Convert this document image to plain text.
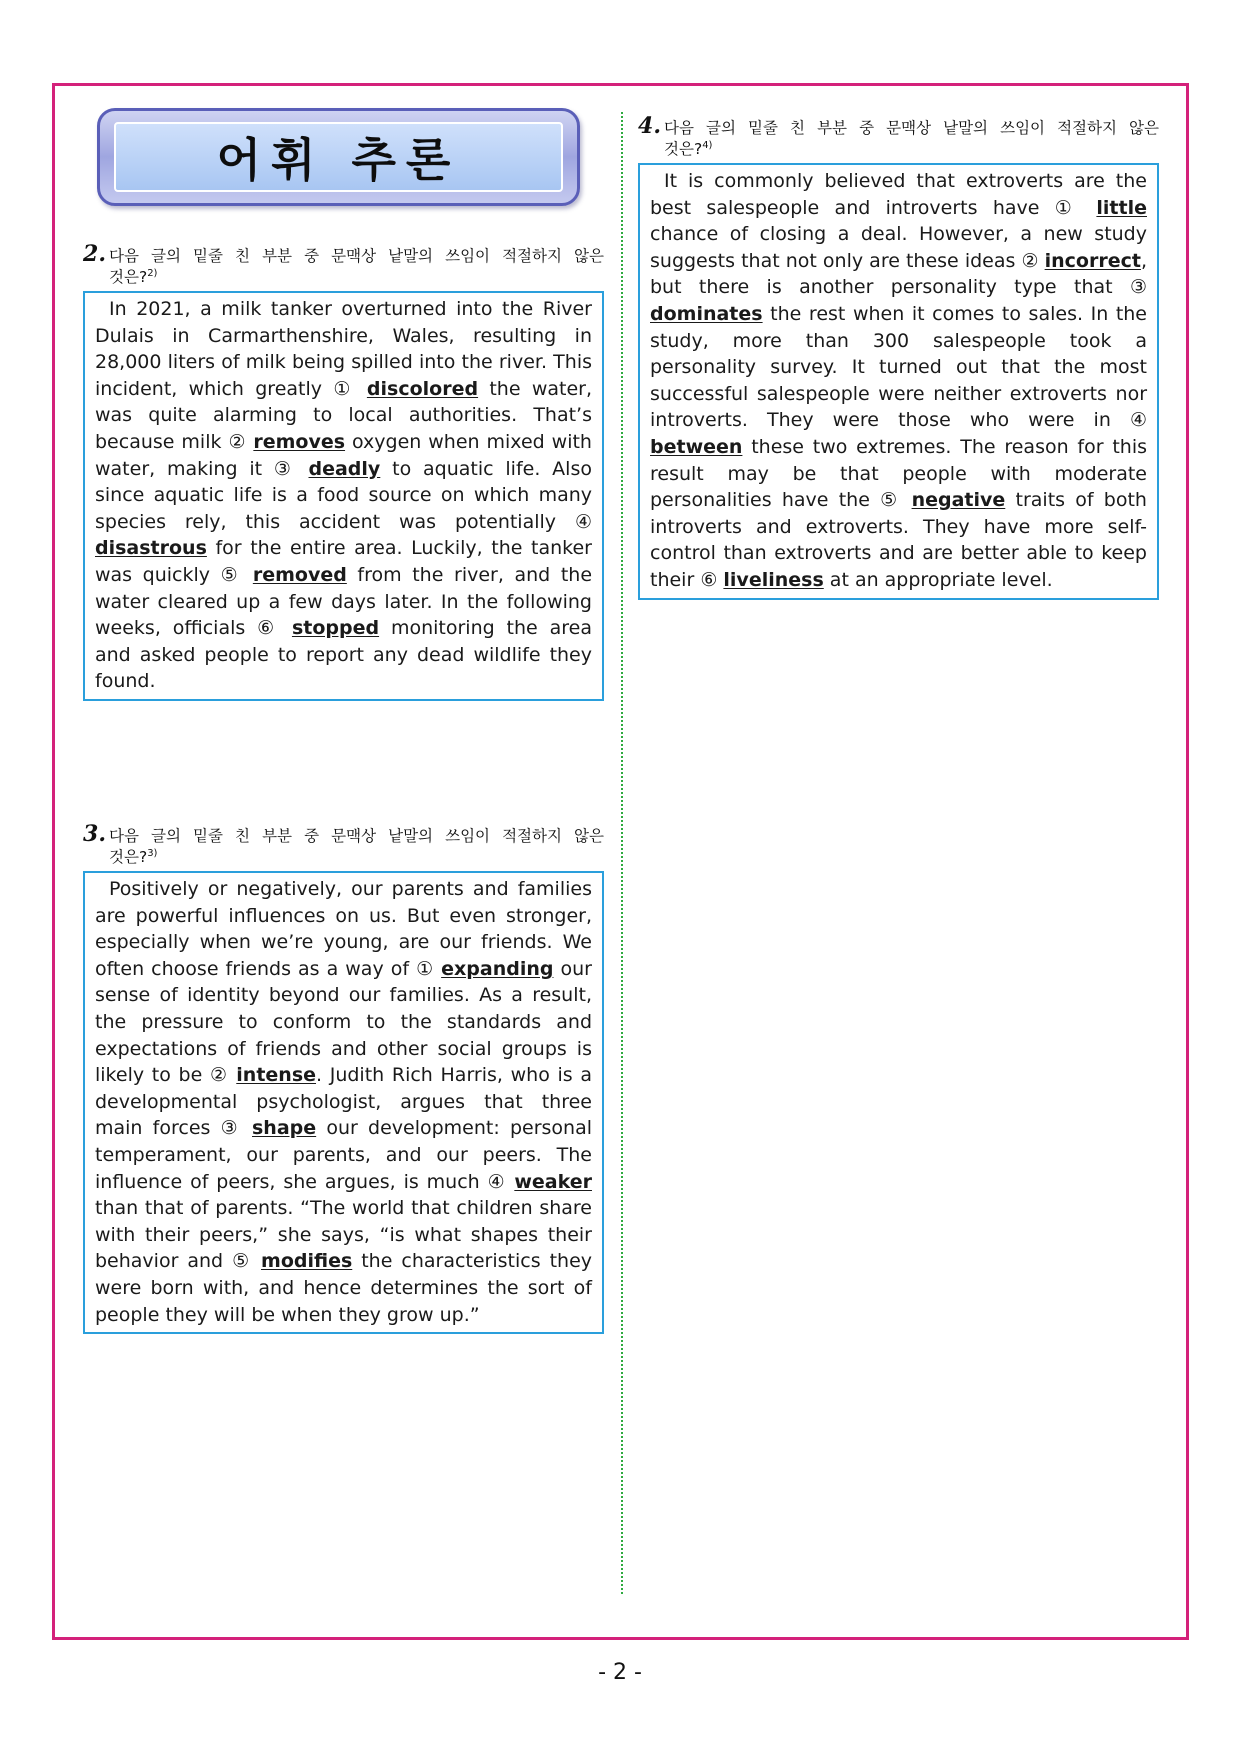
어휘 추론
2. 다음 글의 밑줄 친 부분 중 문맥상 낱말의 쓰임이 적절하지 않은 것은?$^{2)}$

In 2021, a milk tanker overturned into the River Dulais in Carmarthenshire, Wales, resulting in 28,000 liters of milk being spilled into the river. This incident, which greatly ① discolored the water, was quite alarming to local authorities. That’s because milk ② removes oxygen when mixed with water, making it ③ deadly to aquatic life. Also since aquatic life is a food source on which many species rely, this accident was potentially ④ disastrous for the entire area. Luckily, the tanker was quickly ⑤ removed from the river, and the water cleared up a few days later. In the following weeks, officials ⑥ stopped monitoring the area and asked people to report any dead wildlife they found.

3. 다음 글의 밑줄 친 부분 중 문맥상 낱말의 쓰임이 적절하지 않은 것은?$^{3)}$

Positively or negatively, our parents and families are powerful influences on us. But even stronger, especially when we’re young, are our friends. We often choose friends as a way of ① expanding our sense of identity beyond our families. As a result, the pressure to conform to the standards and expectations of friends and other social groups is likely to be ② intense. Judith Rich Harris, who is a developmental psychologist, argues that three main forces ③ shape our development: personal temperament, our parents, and our peers. The influence of peers, she argues, is much ④ weaker than that of parents. “The world that children share with their peers,” she says, “is what shapes their behavior and ⑤ modifies the characteristics they were born with, and hence determines the sort of people they will be when they grow up.”

4. 다음 글의 밑줄 친 부분 중 문맥상 낱말의 쓰임이 적절하지 않은 것은?$^{4)}$

It is commonly believed that extroverts are the best salespeople and introverts have ① little chance of closing a deal. However, a new study suggests that not only are these ideas ② incorrect, but there is another personality type that ③ dominates the rest when it comes to sales. In the study, more than 300 salespeople took a personality survey. It turned out that the most successful salespeople were neither extroverts nor introverts. They were those who were in ④ between these two extremes. The reason for this result may be that people with moderate personalities have the ⑤ negative traits of both introverts and extroverts. They have more self-control than extroverts and are better able to keep their ⑥ liveliness at an appropriate level.

- 2 -
